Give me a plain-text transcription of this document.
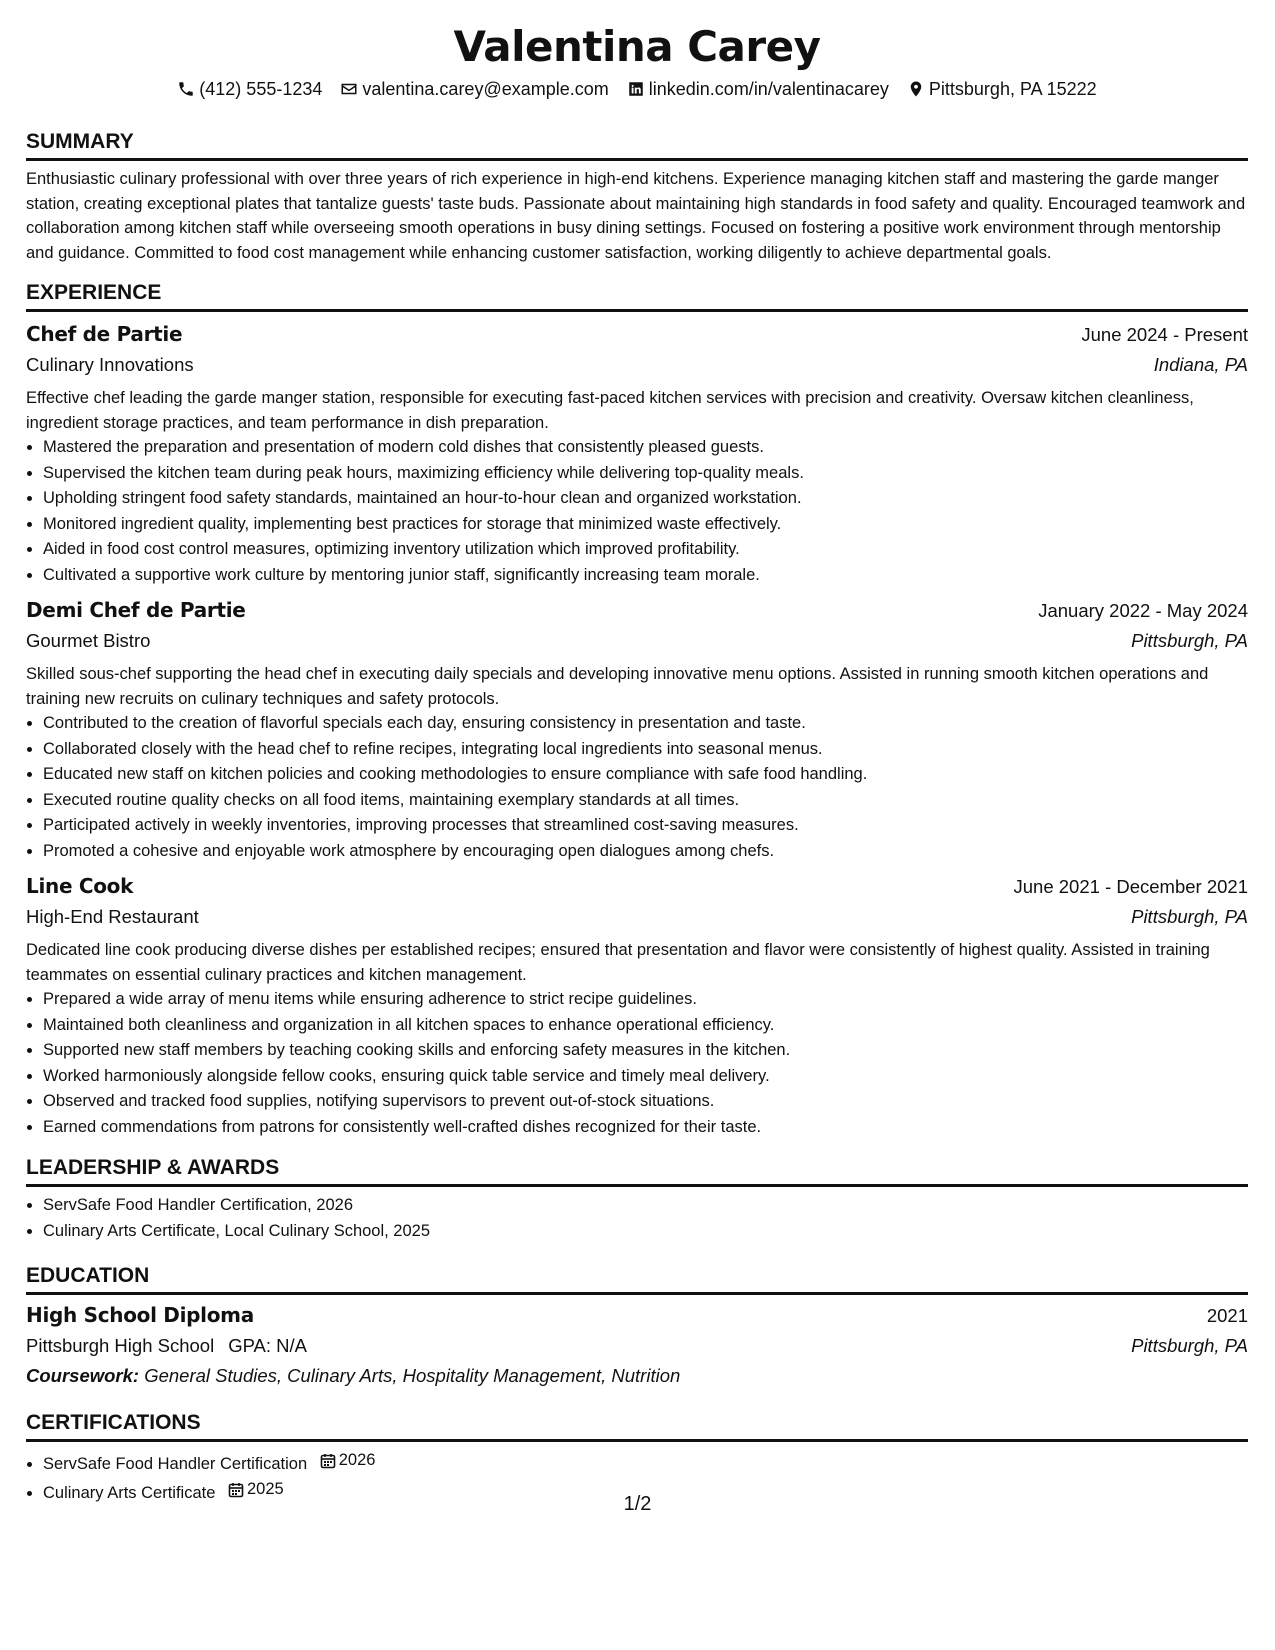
Valentina Carey
(412) 555-1234 valentina.carey@example.com linkedin.com/in/valentinacarey Pittsburgh, PA 15222
SUMMARY
Enthusiastic culinary professional with over three years of rich experience in high-end kitchens. Experience managing kitchen staff and mastering the garde manger station, creating exceptional plates that tantalize guests' taste buds. Passionate about maintaining high standards in food safety and quality. Encouraged teamwork and collaboration among kitchen staff while overseeing smooth operations in busy dining settings. Focused on fostering a positive work environment through mentorship and guidance. Committed to food cost management while enhancing customer satisfaction, working diligently to achieve departmental goals.
EXPERIENCE
Chef de Partie	June 2024 - Present
Culinary Innovations	Indiana, PA
Effective chef leading the garde manger station, responsible for executing fast-paced kitchen services with precision and creativity. Oversaw kitchen cleanliness, ingredient storage practices, and team performance in dish preparation.
• Mastered the preparation and presentation of modern cold dishes that consistently pleased guests.
• Supervised the kitchen team during peak hours, maximizing efficiency while delivering top-quality meals.
• Upholding stringent food safety standards, maintained an hour-to-hour clean and organized workstation.
• Monitored ingredient quality, implementing best practices for storage that minimized waste effectively.
• Aided in food cost control measures, optimizing inventory utilization which improved profitability.
• Cultivated a supportive work culture by mentoring junior staff, significantly increasing team morale.
Demi Chef de Partie	January 2022 - May 2024
Gourmet Bistro	Pittsburgh, PA
Skilled sous-chef supporting the head chef in executing daily specials and developing innovative menu options. Assisted in running smooth kitchen operations and training new recruits on culinary techniques and safety protocols.
• Contributed to the creation of flavorful specials each day, ensuring consistency in presentation and taste.
• Collaborated closely with the head chef to refine recipes, integrating local ingredients into seasonal menus.
• Educated new staff on kitchen policies and cooking methodologies to ensure compliance with safe food handling.
• Executed routine quality checks on all food items, maintaining exemplary standards at all times.
• Participated actively in weekly inventories, improving processes that streamlined cost-saving measures.
• Promoted a cohesive and enjoyable work atmosphere by encouraging open dialogues among chefs.
Line Cook	June 2021 - December 2021
High-End Restaurant	Pittsburgh, PA
Dedicated line cook producing diverse dishes per established recipes; ensured that presentation and flavor were consistently of highest quality. Assisted in training teammates on essential culinary practices and kitchen management.
• Prepared a wide array of menu items while ensuring adherence to strict recipe guidelines.
• Maintained both cleanliness and organization in all kitchen spaces to enhance operational efficiency.
• Supported new staff members by teaching cooking skills and enforcing safety measures in the kitchen.
• Worked harmoniously alongside fellow cooks, ensuring quick table service and timely meal delivery.
• Observed and tracked food supplies, notifying supervisors to prevent out-of-stock situations.
• Earned commendations from patrons for consistently well-crafted dishes recognized for their taste.
LEADERSHIP & AWARDS
• ServSafe Food Handler Certification, 2026
• Culinary Arts Certificate, Local Culinary School, 2025
EDUCATION
High School Diploma	2021
Pittsburgh High School GPA: N/A	Pittsburgh, PA
Coursework: General Studies, Culinary Arts, Hospitality Management, Nutrition
CERTIFICATIONS
• ServSafe Food Handler Certification 2026
• Culinary Arts Certificate 2025
1/2
